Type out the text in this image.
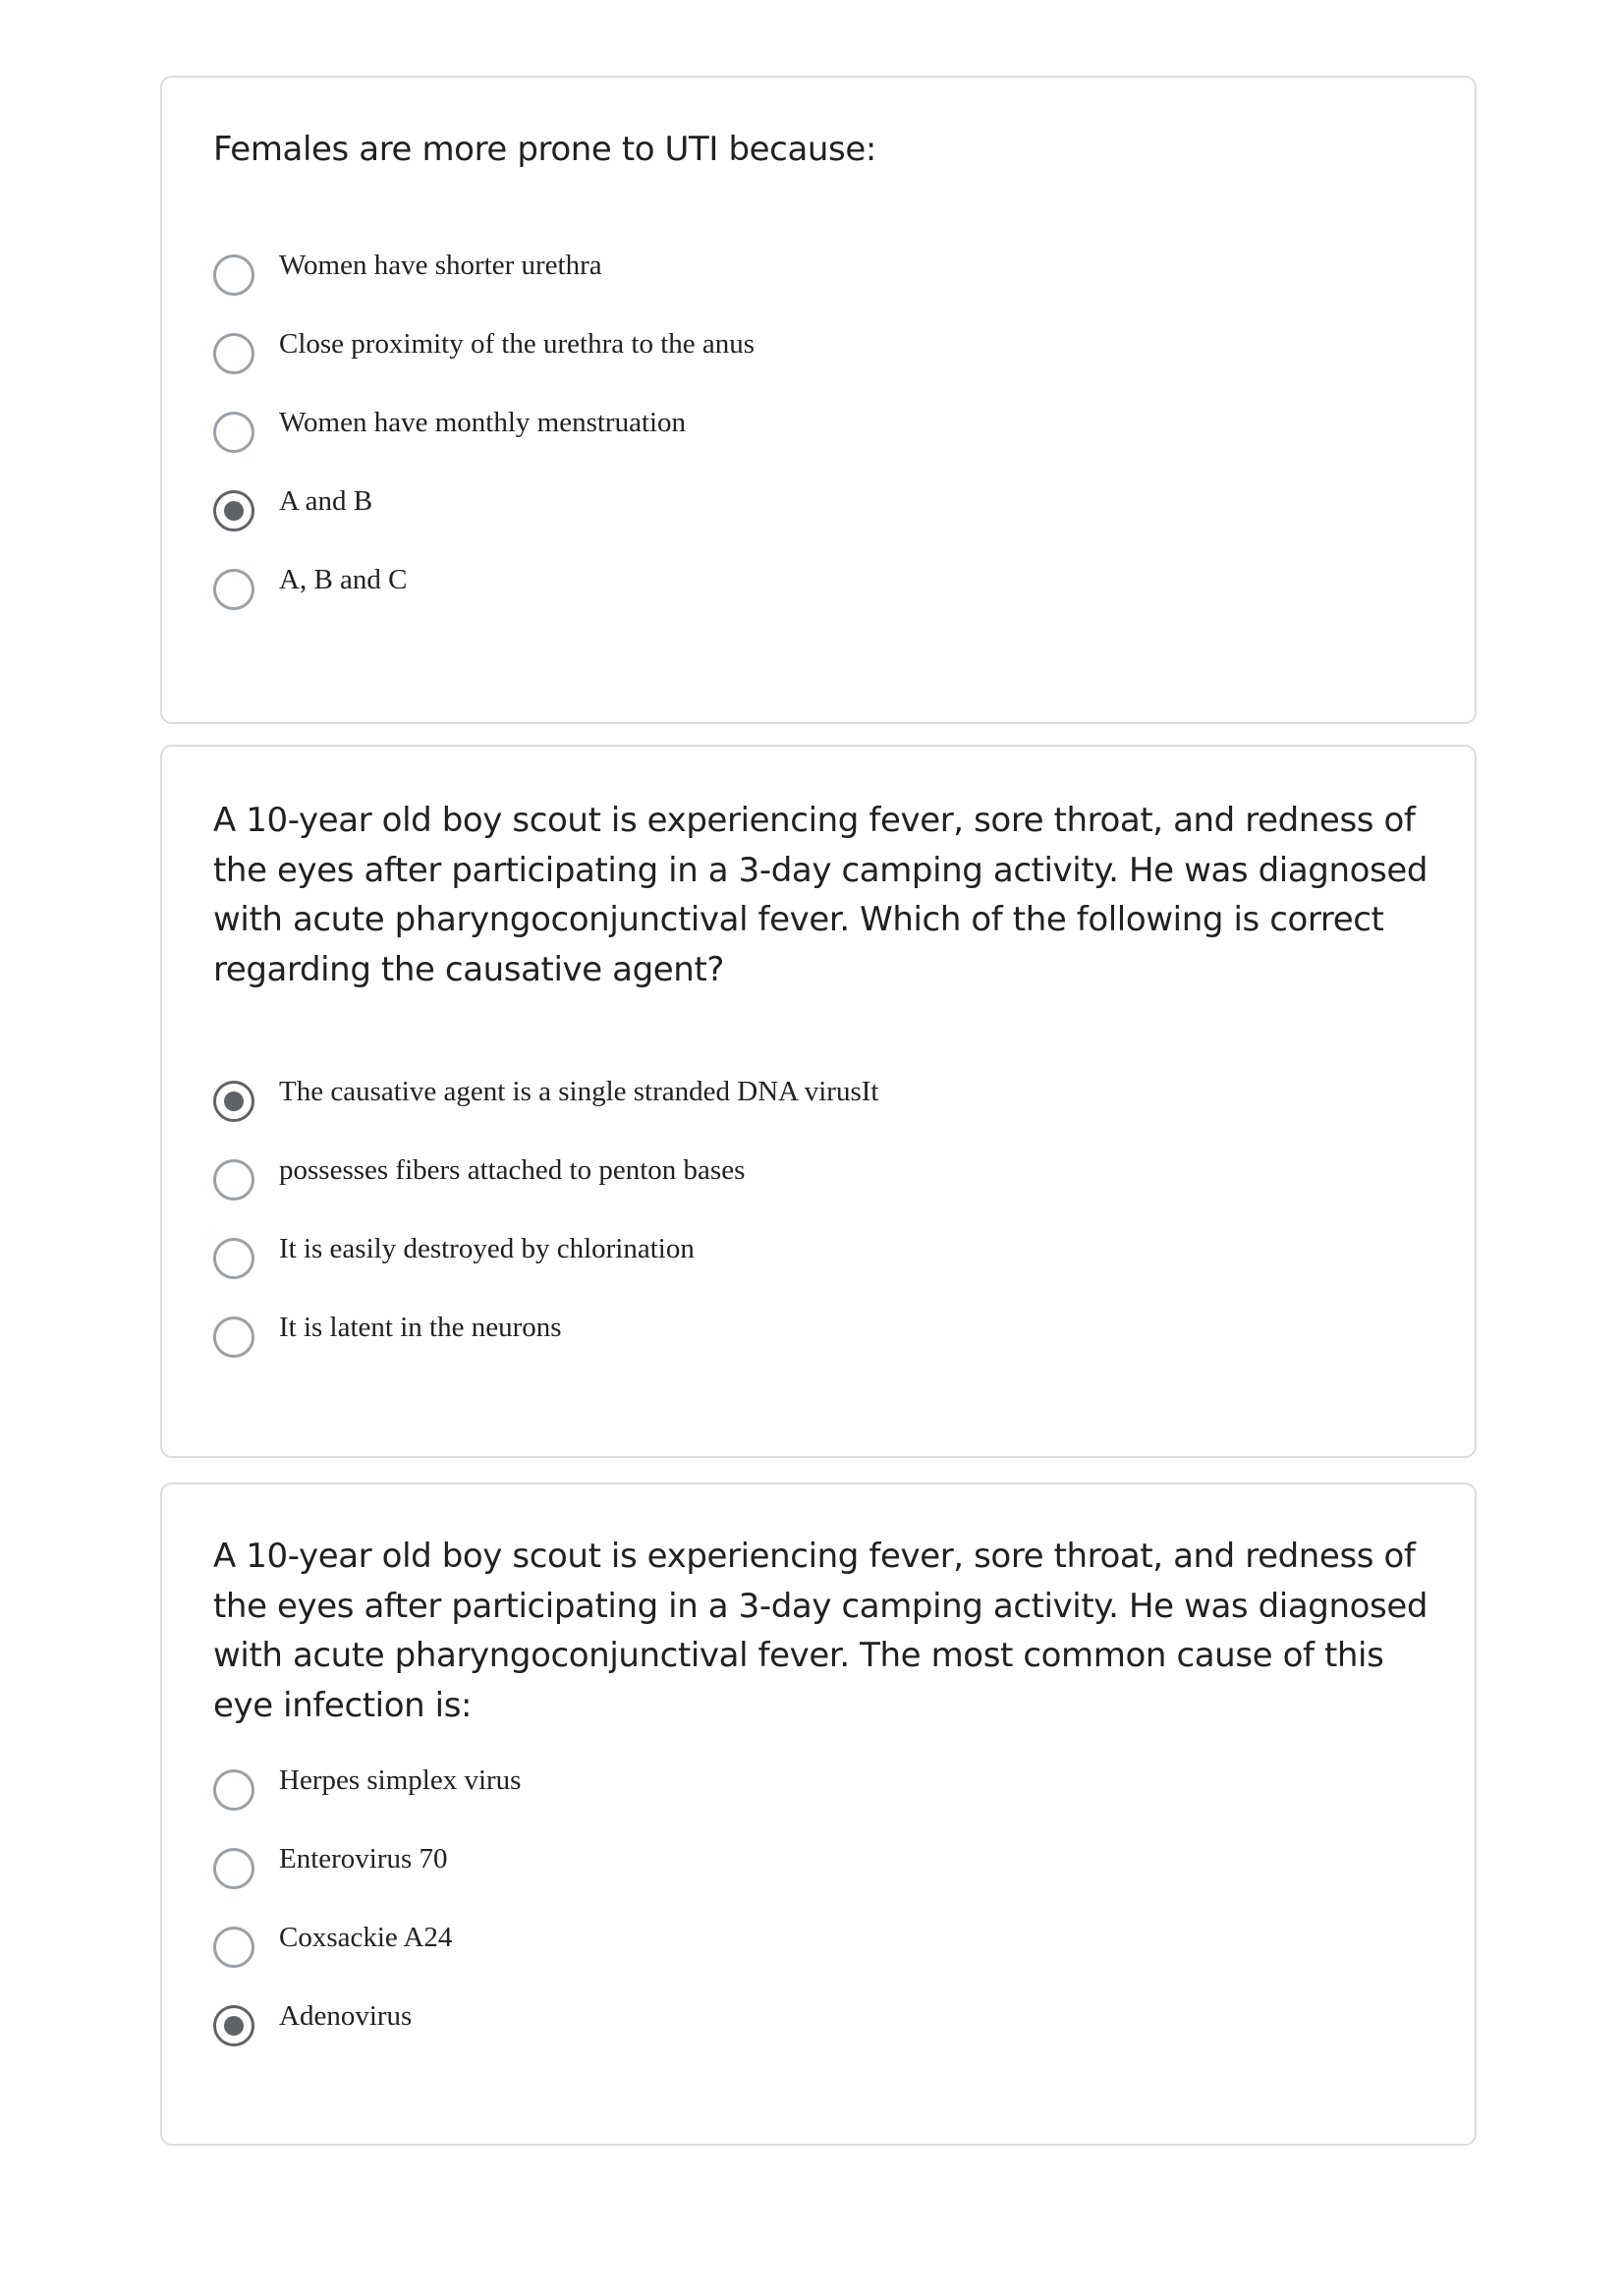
Females are more prone to UTI because:

Women have shorter urethra
Close proximity of the urethra to the anus
Women have monthly menstruation
A and B
A, B and C

A 10-year old boy scout is experiencing fever, sore throat, and redness of the eyes after participating in a 3-day camping activity. He was diagnosed with acute pharyngoconjunctival fever. Which of the following is correct regarding the causative agent?

The causative agent is a single stranded DNA virusIt
possesses fibers attached to penton bases
It is easily destroyed by chlorination
It is latent in the neurons

A 10-year old boy scout is experiencing fever, sore throat, and redness of the eyes after participating in a 3-day camping activity. He was diagnosed with acute pharyngoconjunctival fever. The most common cause of this eye infection is:

Herpes simplex virus
Enterovirus 70
Coxsackie A24
Adenovirus
